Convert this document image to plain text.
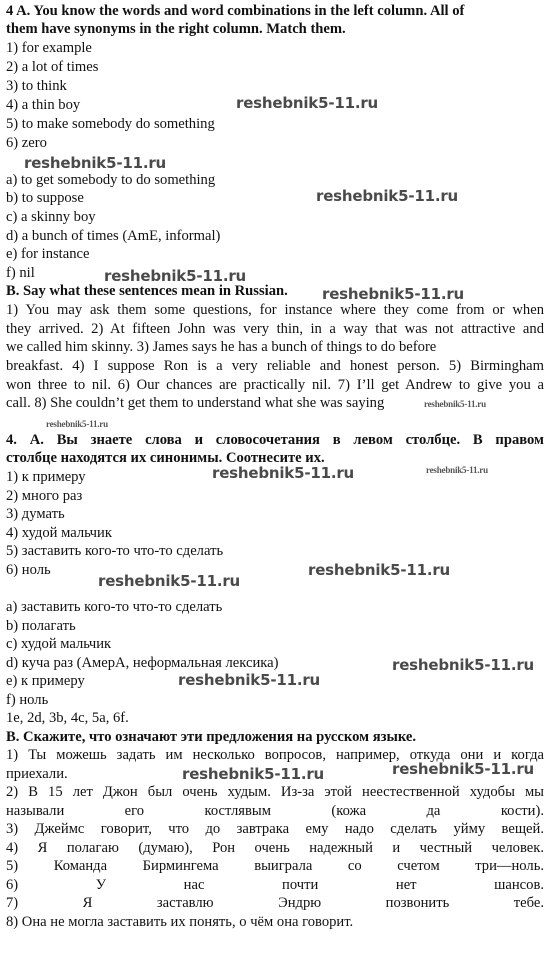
4 A. You know the words and word combinations in the left column. All of
them have synonyms in the right column. Match them.
1) for example
2) a lot of times
3) to think
4) a thin boy
5) to make somebody do something
6) zero
a) to get somebody to do something
b) to suppose
c) a skinny boy
d) a bunch of times (AmE, informal)
e) for instance
f) nil
B. Say what these sentences mean in Russian.
1) You may ask them some questions, for instance where they come from or when
they arrived. 2) At fifteen John was very thin, in a way that was not attractive and
we called him skinny. 3) James says he has a bunch of things to do before
breakfast. 4) I suppose Ron is a very reliable and honest person. 5) Birmingham
won three to nil. 6) Our chances are practically nil. 7) I’ll get Andrew to give you a
call. 8) She couldn’t get them to understand what she was saying
4. А. Вы знаете слова и словосочетания в левом столбце. В правом
столбце находятся их синонимы. Соотнесите их.
1) к примеру
2) много раз
3) думать
4) худой мальчик
5) заставить кого-то что-то сделать
6) ноль
а) заставить кого-то что-то сделать
b) полагать
с) худой мальчик
d) куча раз (АмерА, неформальная лексика)
е) к примеру
f) ноль
1е, 2d, 3b, 4c, 5a, 6f.
В. Скажите, что означают эти предложения на русском языке.
1) Ты можешь задать им несколько вопросов, например, откуда они и когда
приехали.
2) В 15 лет Джон был очень худым. Из-за этой неестественной худобы мы
называли его костлявым (кожа да кости).
3) Джеймс говорит, что до завтрака ему надо сделать уйму вещей.
4) Я полагаю (думаю), Рон очень надежный и честный человек.
5) Команда Бирмингема выиграла со счетом три—ноль.
6) У нас почти нет шансов.
7) Я заставлю Эндрю позвонить тебе.
8) Она не могла заставить их понять, о чём она говорит.
reshebnik5-11.ru
reshebnik5-11.ru
reshebnik5-11.ru
reshebnik5-11.ru
reshebnik5-11.ru
reshebnik5-11.ru
reshebnik5-11.ru
reshebnik5-11.ru
reshebnik5-11.ru
reshebnik5-11.ru
reshebnik5-11.ru
reshebnik5-11.ru
reshebnik5-11.ru
reshebnik5-11.ru
reshebnik5-11.ru
